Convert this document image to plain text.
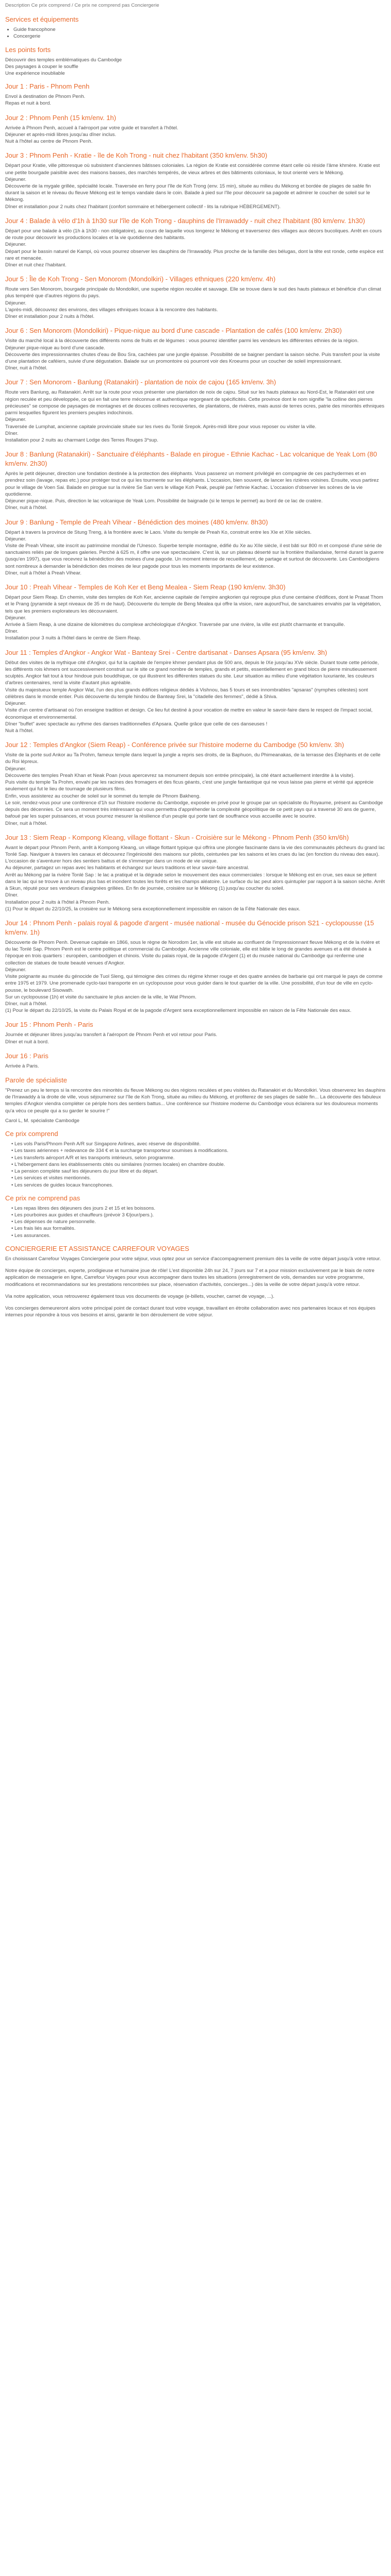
Description Ce prix comprend / Ce prix ne comprend pas Conciergerie
Services et équipements
• Guide francophone
• Concergerie
Les points forts
Découvrir des temples emblématiques du Cambodge
Des paysages à couper le souffle
Une expérience inoubliable
Jour 1 : Paris - Phnom Penh
Envol à destination de Phnom Penh.
Repas et nuit à bord.
Jour 2 : Phnom Penh (15 km/env. 1h)
Arrivée à Phnom Penh, accueil à l'aéroport par votre guide et transfert à l'hôtel.
Déjeuner et après-midi libres jusqu'au dîner inclus.
Nuit à l'hôtel au centre de Phnom Penh.
Jour 3 : Phnom Penh - Kratie - île de Koh Trong - nuit chez l'habitant (350 km/env. 5h30)
Départ pour Kratie, ville pittoresque où subsistent d'anciennes bâtisses coloniales. La région de Kratie est considérée comme étant celle où réside l'âme khmère. Kratie est une petite bourgade paisible avec des maisons basses, des marchés tempérés, de vieux arbres et des bâtiments coloniaux, le tout orienté vers le Mékong.
Déjeuner.
Découverte de la mygale grillée, spécialité locale. Traversée en ferry pour l'île de Koh Trong (env. 15 min), située au milieu du Mékong et bordée de plages de sable fin durant la saison et le niveau du fleuve Mékong est le temps vandale dans le coin. Balade à pied sur l'île pour découvrir sa pagode et admirer le coucher de soleil sur le Mékong.
Dîner et installation pour 2 nuits chez l'habitant (confort sommaire et hébergement collectif - lits la rubrique HÉBERGEMENT).
Jour 4 : Balade à vélo d'1h à 1h30 sur l'île de Koh Trong - dauphins de l'Irrawaddy - nuit chez l'habitant (80 km/env. 1h30)
Départ pour une balade à vélo (1h à 1h30 - non obligatoire), au cours de laquelle vous longerez le Mékong et traverserez des villages aux décors bucoliques. Arrêt en cours de route pour découvrir les productions locales et la vie quotidienne des habitants.
Déjeuner.
Départ pour le bassin naturel de Kampi, où vous pourrez observer les dauphins de l'Irrawaddy. Plus proche de la famille des bélugas, dont la tête est ronde, cette espèce est rare et menacée.
Dîner et nuit chez l'habitant.
Jour 5 : Île de Koh Trong - Sen Monorom (Mondolkiri) - Villages ethniques (220 km/env. 4h)
Route vers Sen Monorom, bourgade principale du Mondolkiri, une superbe région reculée et sauvage. Elle se trouve dans le sud des hauts plateaux et bénéficie d'un climat plus tempéré que d'autres régions du pays.
Déjeuner.
L'après-midi, découvrez des environs, des villages ethniques locaux à la rencontre des habitants.
Dîner et installation pour 2 nuits à l'hôtel.
Jour 6 : Sen Monorom (Mondolkiri) - Pique-nique au bord d'une cascade - Plantation de cafés (100 km/env. 2h30)
Visite du marché local à la découverte des différents noms de fruits et de légumes : vous pourrez identifier parmi les vendeurs les différentes ethnies de la région.
Déjeuner pique-nique au bord d'une cascade.
Découverte des impressionnantes chutes d'eau de Bou Sra, cachées par une jungle épaisse. Possibilité de se baigner pendant la saison sèche. Puis transfert pour la visite d'une plantation de caféiers, suivie d'une dégustation. Balade sur un promontoire où pourront voir des Kroeums pour un coucher de soleil impressionnant.
Dîner, nuit à l'hôtel.
Jour 7 : Sen Monorom - Banlung (Ratanakiri) - plantation de noix de cajou (165 km/env. 3h)
Route vers Banlung, au Ratanakiri. Arrêt sur la route pour vous présenter une plantation de noix de cajou. Situé sur les hauts plateaux au Nord-Est, le Ratanakiri est une région reculée et peu développée, ce qui en fait une terre méconnue et authentique regorgeant de spécificités. Cette province dont le nom signifie "la colline des pierres précieuses" se compose de paysages de montagnes et de douces collines recouvertes, de plantations, de rivières, mais aussi de terres ocres, patrie des minorités ethniques parmi lesquelles figurent les premiers peuples indochinois.
Déjeuner.
Traversée de Lumphat, ancienne capitale provinciale située sur les rives du Tonlé Srepok. Après-midi libre pour vous reposer ou visiter la ville.
Dîner.
Installation pour 2 nuits au charmant Lodge des Terres Rouges 3*sup.
Jour 8 : Banlung (Ratanakiri) - Sanctuaire d'éléphants - Balade en pirogue - Ethnie Kachac - Lac volcanique de Yeak Lom (80 km/env. 2h30)
Après le petit déjeuner, direction une fondation destinée à la protection des éléphants. Vous passerez un moment privilégié en compagnie de ces pachydermes et en prendrez soin (lavage, repas etc.) pour protéger tout ce qui les tourmente sur les éléphants. L'occasion, bien souvent, de lancer les rizières voisines. Ensuite, vous partirez pour le village de Voen Sai. Balade en pirogue sur la rivière Se San vers le village Koh Peak, peuplé par l'ethnie Kachac. L'occasion d'observer les scènes de la vie quotidienne.
Déjeuner pique-nique. Puis, direction le lac volcanique de Yeak Lom. Possibilité de baignade (si le temps le permet) au bord de ce lac de cratère.
Dîner, nuit à l'hôtel.
Jour 9 : Banlung - Temple de Preah Vihear - Bénédiction des moines (480 km/env. 8h30)
Départ à travers la province de Stung Treng, à la frontière avec le Laos. Visite du temple de Preah Ko, construit entre les XIe et XIIe siècles.
Déjeuner.
Visite de Preah Vihear, site inscrit au patrimoine mondial de l'Unesco. Superbe temple montagne, édifié du Xe au XIIe siècle, il est bâti sur 800 m et composé d'une série de sanctuaires reliés par de longues galeries. Perché à 625 m, il offre une vue spectaculaire. C'est là, sur un plateau déserté sur la frontière thaïlandaise, fermé durant la guerre (jusqu'en 1997), que vous recevrez la bénédiction des moines d'une pagode. Un moment intense de recueillement, de partage et surtout de découverte. Les Cambodgiens sont nombreux à demander la bénédiction des moines de leur pagode pour tous les moments importants de leur existence.
Dîner, nuit à l'hôtel à Preah Vihear.
Jour 10 : Preah Vihear - Temples de Koh Ker et Beng Mealea - Siem Reap (190 km/env. 3h30)
Départ pour Siem Reap. En chemin, visite des temples de Koh Ker, ancienne capitale de l'empire angkorien qui regroupe plus d'une centaine d'édifices, dont le Prasat Thom et le Prang (pyramide à sept niveaux de 35 m de haut). Découverte du temple de Beng Mealea qui offre la vision, rare aujourd'hui, de sanctuaires envahis par la végétation, tels que les premiers explorateurs les découvraient.
Déjeuner.
Arrivée à Siem Reap, à une dizaine de kilomètres du complexe archéologique d'Angkor. Traversée par une rivière, la ville est plutôt charmante et tranquille.
Dîner.
Installation pour 3 nuits à l'hôtel dans le centre de Siem Reap.
Jour 11 : Temples d'Angkor - Angkor Wat - Banteay Srei - Centre dartisanat - Danses Apsara (95 km/env. 3h)
Début des visites de la mythique cité d'Angkor, qui fut la capitale de l'empire khmer pendant plus de 500 ans, depuis le IXe jusqu'au XVe siècle. Durant toute cette période, les différents rois khmers ont successivement construit sur le site ce grand nombre de temples, grands et petits, essentiellement en grand blocs de pierre minutieusement sculptés. Angkor fait tout à tour hindoue puis bouddhique, ce qui illustrent les différentes statues du site. Leur situation au milieu d'une végétation luxuriante, les couleurs d'arbres centenaires, rend la visite d'autant plus agréable.
Visite du majestueux temple Angkor Wat, l'un des plus grands édifices religieux dédiés à Vishnou, bas 5 tours et ses innombrables "apsaras" (nymphes célestes) sont célèbres dans le monde entier. Puis découverte du temple hindou de Banteay Srei, la "citadelle des femmes", dédié à Shiva.
Déjeuner.
Visite d'un centre d'artisanat où l'on enseigne tradition et design. Ce lieu fut destiné à pour vocation de mettre en valeur le savoir-faire dans le respect de l'impact social, économique et environnemental.
Dîner "buffet" avec spectacle au rythme des danses traditionnelles d'Apsara. Quelle grâce que celle de ces danseuses !
Nuit à l'hôtel.
Jour 12 : Temples d'Angkor (Siem Reap) - Conférence privée sur l'histoire moderne du Cambodge (50 km/env. 3h)
Visite de la porte sud Ankor au Ta Prohm, fameux temple dans lequel la jungle a repris ses droits, de la Baphuon, du Phimeanakas, de la terrasse des Éléphants et de celle du Roi lépreux.
Déjeuner.
Découverte des temples Preah Khan et Neak Poan (vous apercevrez sa monument depuis son entrée principale), la cité étant actuellement interdite à la visite).
Puis visite du temple Ta Prohm, envahi par les racines des fromagers et des ficus géants, c'est une jungle fantastique qui ne vous laisse pas pierre et vérité qui apprécie seulement qui fut le lieu de tournage de plusieurs films.
Enfin, vous assisterez au coucher de soleil sur le sommet du temple de Phnom Bakheng.
Le soir, rendez-vous pour une conférence d'1h sur l'histoire moderne du Cambodge, exposée en privé pour le groupe par un spécialiste du Royaume, présent au Cambodge depuis des décennies. Ce sera un moment très intéressant qui vous permettra d'appréhender la complexité géopolitique de ce petit pays qui a traversé 30 ans de guerre, bafoué par les super puissances, et vous pourrez mesurer la résilience d'un peuple qui porte tant de souffrance vous accueille avec le sourire.
Dîner, nuit à l'hôtel.
Jour 13 : Siem Reap - Kompong Kleang, village flottant - Skun - Croisière sur le Mékong - Phnom Penh (350 km/6h)
Avant le départ pour Phnom Penh, arrêt à Kompong Kleang, un village flottant typique qui offrira une plongée fascinante dans la vie des communautés pêcheurs du grand lac Tonlé Sap. Naviguer à travers les canaux et découvrez l'ingéniosité des maisons sur pilotis, ceinturées par les saisons et les crues du lac (en fonction du niveau des eaux). L'occasion de s'aventurer hors des sentiers battus et de s'immerger dans un mode de vie unique.
Au déjeuner, partagez un repas avec les habitants et échangez sur leurs traditions et leur savoir-faire ancestral.
Arrêt au Mékong par la rivière Tonlé Sap : le lac a pratiqué et la dégrade selon le mouvement des eaux commerciales : lorsque le Mékong est en crue, ses eaux se jettent dans le lac qui se trouve à un niveau plus bas et inondent toutes les forêts et les champs aléatoire. Le surface du lac peut alors quintupler par rapport à la saison sèche. Arrêt à Skun, réputé pour ses vendeurs d'araignées grillées. En fin de journée, croisière sur le Mékong (1) jusqu'au coucher du soleil.
Dîner.
Installation pour 2 nuits à l'hôtel à Phnom Penh.
(1) Pour le départ du 22/10/25, la croisière sur le Mékong sera exceptionnellement impossible en raison de la Fête Nationale des eaux.
Jour 14 : Phnom Penh - palais royal & pagode d'argent - musée national - musée du Génocide prison S21 - cyclopousse (15 km/env. 1h)
Découverte de Phnom Penh. Devenue capitale en 1866, sous le règne de Norodom 1er, la ville est située au confluent de l'impressionnant fleuve Mékong et de la rivière et du lac Tonlé Sap. Phnom Penh est le centre politique et commercial du Cambodge. Ancienne ville coloniale, elle est bâtie le long de grandes avenues et a été divisée à l'époque en trois quartiers : européen, cambodgien et chinois. Visite du palais royal, de la pagode d'Argent (1) et du musée national du Cambodge qui renferme une collection de statues de toute beauté venues d'Angkor.
Déjeuner.
Visite poignante au musée du génocide de Tuol Sleng, qui témoigne des crimes du régime khmer rouge et des quatre années de barbarie qui ont marqué le pays de comme entre 1975 et 1979. Une promenade cyclo-taxi transporte en un cyclopousse pour vous guider dans le tout quartier de la ville. Une possibilité, d'un tour de ville en cyclo-pousse, le boulevard Sisowath.
Sur un cyclopousse (1h) et visite du sanctuaire le plus ancien de la ville, le Wat Phnom.
Dîner, nuit à l'hôtel.
(1) Pour le départ du 22/10/25, la visite du Palais Royal et de la pagode d'Argent sera exceptionnellement impossible en raison de la Fête Nationale des eaux.
Jour 15 : Phnom Penh - Paris
Journée et déjeuner libres jusqu'au transfert à l'aéroport de Phnom Penh et vol retour pour Paris.
Dîner et nuit à bord.
Jour 16 : Paris
Arrivée à Paris.
Parole de spécialiste

"Prenez un peu le temps si la rencontre des minorités du fleuve Mékong ou des régions reculées et peu visitées du Ratanakiri et du Mondolkiri. Vous observerez les dauphins de l'Irrawaddy à la droite de ville, vous séjournerez sur l'île de Koh Trong, située au milieu du Mékong, et profiterez de ses plages de sable fin... La découverte des fabuleux temples d'Angkor viendra compléter ce périple hors des sentiers battus... Une conférence sur l'histoire moderne du Cambodge vous éclairera sur les douloureux moments qu'a vécu ce peuple qui a su garder le sourire !"

Carol L, M. spécialiste Cambodge

Ce prix comprend
• Les vols Paris/Phnom Penh A/R sur Singapore Airlines, avec réserve de disponibilité.
• Les taxes aériennes + redevance de 334 € et la surcharge transporteur soumises à modifications.
• Les transferts aéroport A/R et les transports intérieurs, selon programme.
• L'hébergement dans les établissements cités ou similaires (normes locales) en chambre double.
• La pension complète sauf les déjeuners du jour libre et du départ.
• Les services et visites mentionnés.
• Les services de guides locaux francophones.
Ce prix ne comprend pas
• Les repas libres des déjeuners des jours 2 et 15 et les boissons.
• Les pourboires aux guides et chauffeurs (prévoir 3 €/jour/pers.).
• Les dépenses de nature personnelle.
• Les frais liés aux formalités.
• Les assurances.
CONCIERGERIE ET ASSISTANCE CARREFOUR VOYAGES

En choisissant Carrefour Voyages Conciergerie pour votre séjour, vous optez pour un service d'accompagnement premium dès la veille de votre départ jusqu'à votre retour.

Notre équipe de concierges, experte, prodigieuse et humaine joue de rôle! L'est disponible 24h sur 24, 7 jours sur 7 et a pour mission exclusivement par le biais de notre application de messagerie en ligne, Carrefour Voyages pour vous accompagner dans toutes les situations (enregistrement de vols, demandes sur votre programme, modifications et recommandations sur les prestations rencontrées sur place, réservation d'activités, concierges...) dès la veille de votre départ jusqu'à votre retour.

Via notre application, vous retrouverez également tous vos documents de voyage (e-billets, voucher, carnet de voyage, ...).

Vos concierges demeureront alors votre principal point de contact durant tout votre voyage, travaillant en étroite collaboration avec nos partenaires locaux et nos équipes internes pour répondre à tous vos besoins et ainsi, garantir le bon déroulement de votre séjour.
